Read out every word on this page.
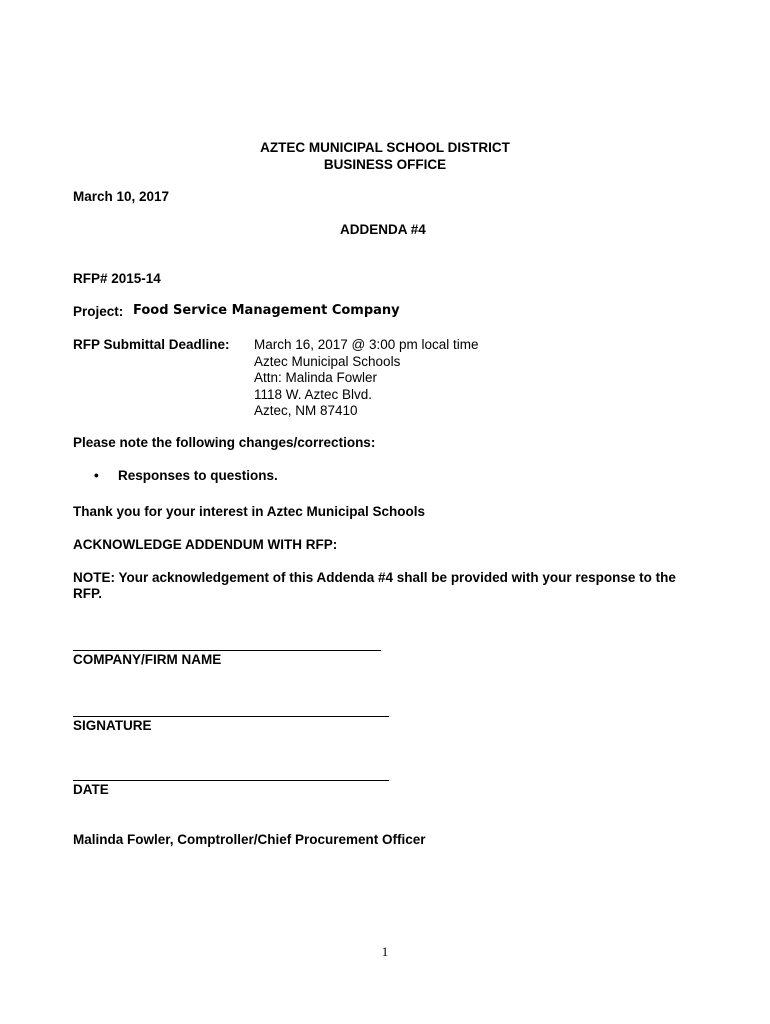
AZTEC MUNICIPAL SCHOOL DISTRICT
BUSINESS OFFICE
March 10, 2017
ADDENDA #4
RFP# 2015-14
Project: Food Service Management Company
RFP Submittal Deadline: March 16, 2017 @ 3:00 pm local time
Aztec Municipal Schools
Attn: Malinda Fowler
1118 W. Aztec Blvd.
Aztec, NM 87410
Please note the following changes/corrections:
• Responses to questions.
Thank you for your interest in Aztec Municipal Schools
ACKNOWLEDGE ADDENDUM WITH RFP:
NOTE: Your acknowledgement of this Addenda #4 shall be provided with your response to the
RFP.
COMPANY/FIRM NAME
SIGNATURE
DATE
Malinda Fowler, Comptroller/Chief Procurement Officer
1
